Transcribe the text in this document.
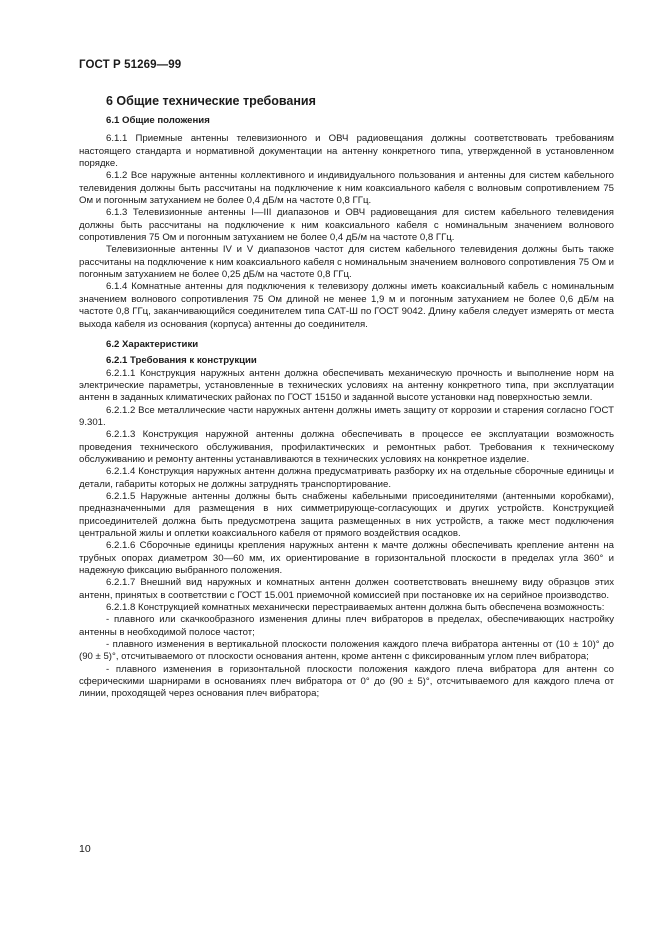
ГОСТ Р 51269—99
6 Общие технические требования
6.1 Общие положения

6.1.1 Приемные антенны телевизионного и ОВЧ радиовещания должны соответствовать требованиям настоящего стандарта и нормативной документации на антенну конкретного типа, утвержденной в установленном порядке.

6.1.2 Все наружные антенны коллективного и индивидуального пользования и антенны для систем кабельного телевидения должны быть рассчитаны на подключение к ним коаксиального кабеля с волновым сопротивлением 75 Ом и погонным затуханием не более 0,4 дБ/м на частоте 0,8 ГГц.

6.1.3 Телевизионные антенны I—III диапазонов и ОВЧ радиовещания для систем кабельного телевидения должны быть рассчитаны на подключение к ним коаксиального кабеля с номинальным значением волнового сопротивления 75 Ом и погонным затуханием не более 0,4 дБ/м на частоте 0,8 ГГц.

Телевизионные антенны IV и V диапазонов частот для систем кабельного телевидения должны быть также рассчитаны на подключение к ним коаксиального кабеля с номинальным значением волнового сопротивления 75 Ом и погонным затуханием не более 0,25 дБ/м на частоте 0,8 ГГц.

6.1.4 Комнатные антенны для подключения к телевизору должны иметь коаксиальный кабель с номинальным значением волнового сопротивления 75 Ом длиной не менее 1,9 м и погонным затуханием не более 0,6 дБ/м на частоте 0,8 ГГц, заканчивающийся соединителем типа САТ-Ш по ГОСТ 9042. Длину кабеля следует измерять от места выхода кабеля из основания (корпуса) антенны до соединителя.

6.2 Характеристики
6.2.1 Требования к конструкции

6.2.1.1 Конструкция наружных антенн должна обеспечивать механическую прочность и выполнение норм на электрические параметры, установленные в технических условиях на антенну конкретного типа, при эксплуатации антенн в заданных климатических районах по ГОСТ 15150 и заданной высоте установки над поверхностью земли.

6.2.1.2 Все металлические части наружных антенн должны иметь защиту от коррозии и старения согласно ГОСТ 9.301.

6.2.1.3 Конструкция наружной антенны должна обеспечивать в процессе ее эксплуатации возможность проведения технического обслуживания, профилактических и ремонтных работ. Требования к техническому обслуживанию и ремонту антенны устанавливаются в технических условиях на конкретное изделие.

6.2.1.4 Конструкция наружных антенн должна предусматривать разборку их на отдельные сборочные единицы и детали, габариты которых не должны затруднять транспортирование.

6.2.1.5 Наружные антенны должны быть снабжены кабельными присоединителями (антенными коробками), предназначенными для размещения в них симметрирующе-согласующих и других устройств. Конструкцией присоединителей должна быть предусмотрена защита размещенных в них устройств, а также мест подключения центральной жилы и оплетки коаксиального кабеля от прямого воздействия осадков.

6.2.1.6 Сборочные единицы крепления наружных антенн к мачте должны обеспечивать крепление антенн на трубных опорах диаметром 30—60 мм, их ориентирование в горизонтальной плоскости в пределах угла 360° и надежную фиксацию выбранного положения.

6.2.1.7 Внешний вид наружных и комнатных антенн должен соответствовать внешнему виду образцов этих антенн, принятых в соответствии с ГОСТ 15.001 приемочной комиссией при постановке их на серийное производство.

6.2.1.8 Конструкцией комнатных механически перестраиваемых антенн должна быть обеспечена возможность:

- плавного или скачкообразного изменения длины плеч вибраторов в пределах, обеспечивающих настройку антенны в необходимой полосе частот;

- плавного изменения в вертикальной плоскости положения каждого плеча вибратора антенны от (10 ± 10)° до (90 ± 5)°, отсчитываемого от плоскости основания антенн, кроме антенн с фиксированным углом плеч вибратора;

- плавного изменения в горизонтальной плоскости положения каждого плеча вибратора для антенн со сферическими шарнирами в основаниях плеч вибратора от 0° до (90 ± 5)°, отсчитываемого для каждого плеча от линии, проходящей через основания плеч вибратора;

10
